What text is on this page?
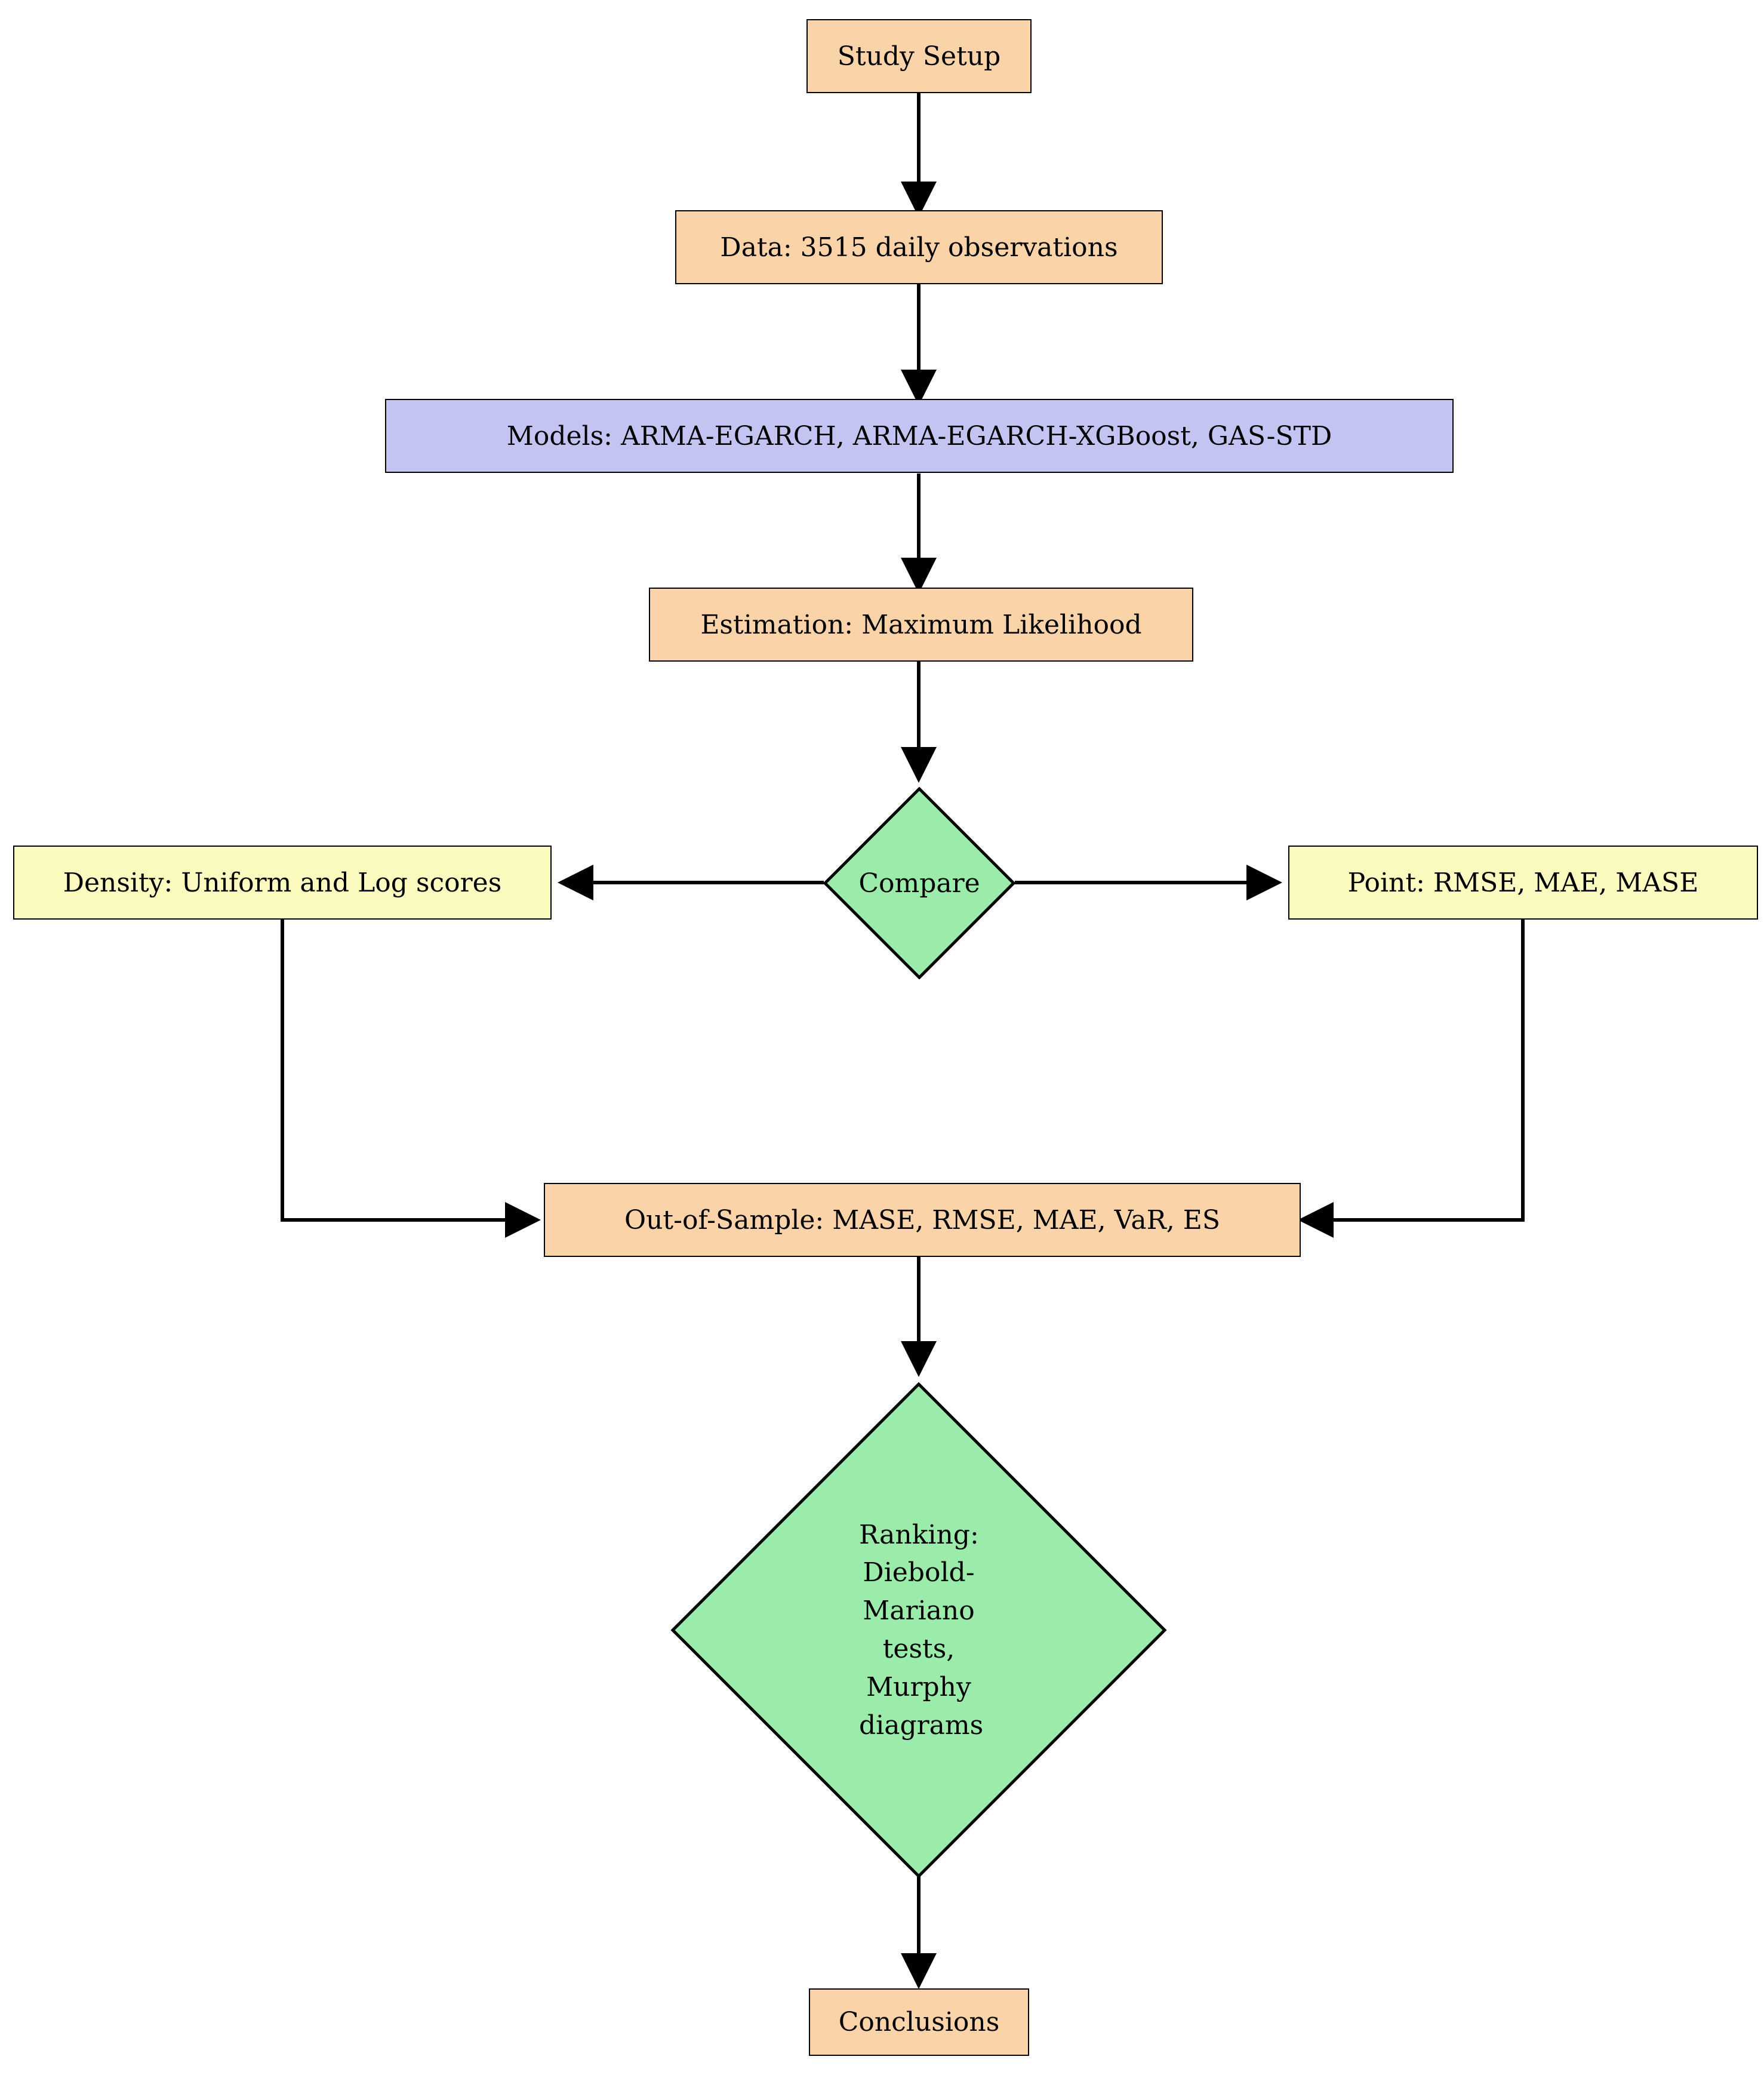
Study Setup
Data: 3515 daily observations
Models: ARMA-EGARCH, ARMA-EGARCH-XGBoost, GAS-STD
Estimation: Maximum Likelihood
Compare
Density: Uniform and Log scores	Point: RMSE, MAE, MASE
Out-of-Sample: MASE, RMSE, MAE, VaR, ES
Ranking: Diebold-Mariano tests, Murphy diagrams
Conclusions
